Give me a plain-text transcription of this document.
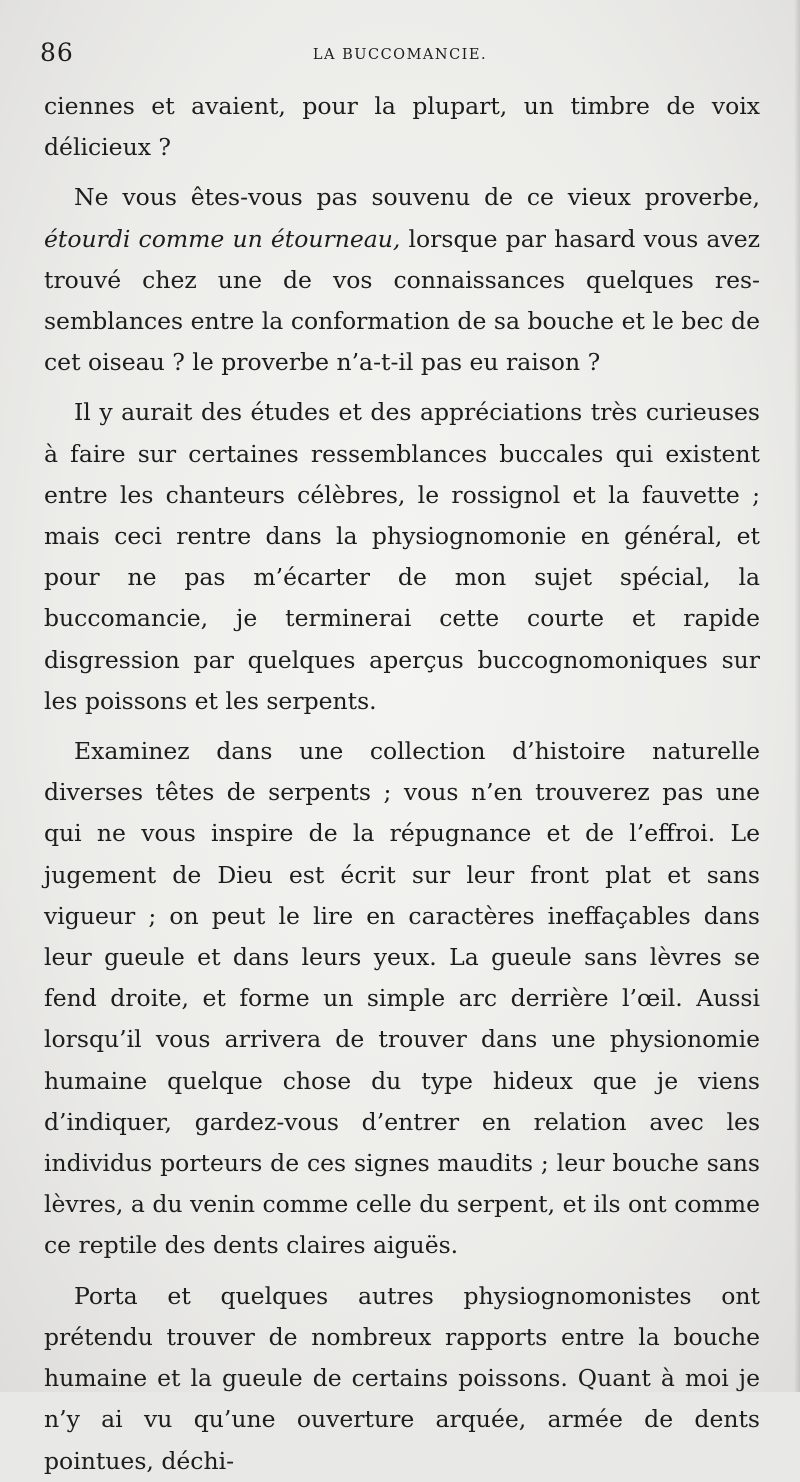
86	LA BUCCOMANCIE.

ciennes et avaient, pour la plupart, un timbre de voix délicieux ?

Ne vous êtes-vous pas souvenu de ce vieux proverbe, étourdi comme un étourneau, lorsque par hasard vous avez trouvé chez une de vos connaissances quelques res-semblances entre la conformation de sa bouche et le bec de cet oiseau ? le proverbe n’a-t-il pas eu raison ?

Il y aurait des études et des appréciations très curieuses à faire sur certaines ressemblances buccales qui existent entre les chanteurs célèbres, le rossignol et la fauvette ; mais ceci rentre dans la physiognomonie en général, et pour ne pas m’écarter de mon sujet spécial, la buccomancie, je terminerai cette courte et rapide disgression par quelques aperçus buccognomoniques sur les poissons et les serpents.

Examinez dans une collection d’histoire naturelle diverses têtes de serpents ; vous n’en trouverez pas une qui ne vous inspire de la répugnance et de l’effroi. Le jugement de Dieu est écrit sur leur front plat et sans vigueur ; on peut le lire en caractères ineffaçables dans leur gueule et dans leurs yeux. La gueule sans lèvres se fend droite, et forme un simple arc derrière l’œil. Aussi lorsqu’il vous arrivera de trouver dans une physionomie humaine quelque chose du type hideux que je viens d’indiquer, gardez-vous d’entrer en relation avec les individus porteurs de ces signes maudits ; leur bouche sans lèvres, a du venin comme celle du serpent, et ils ont comme ce reptile des dents claires aiguës.

Porta et quelques autres physiognomonistes ont prétendu trouver de nombreux rapports entre la bouche humaine et la gueule de certains poissons. Quant à moi je n’y ai vu qu’une ouverture arquée, armée de dents pointues, déchi-
